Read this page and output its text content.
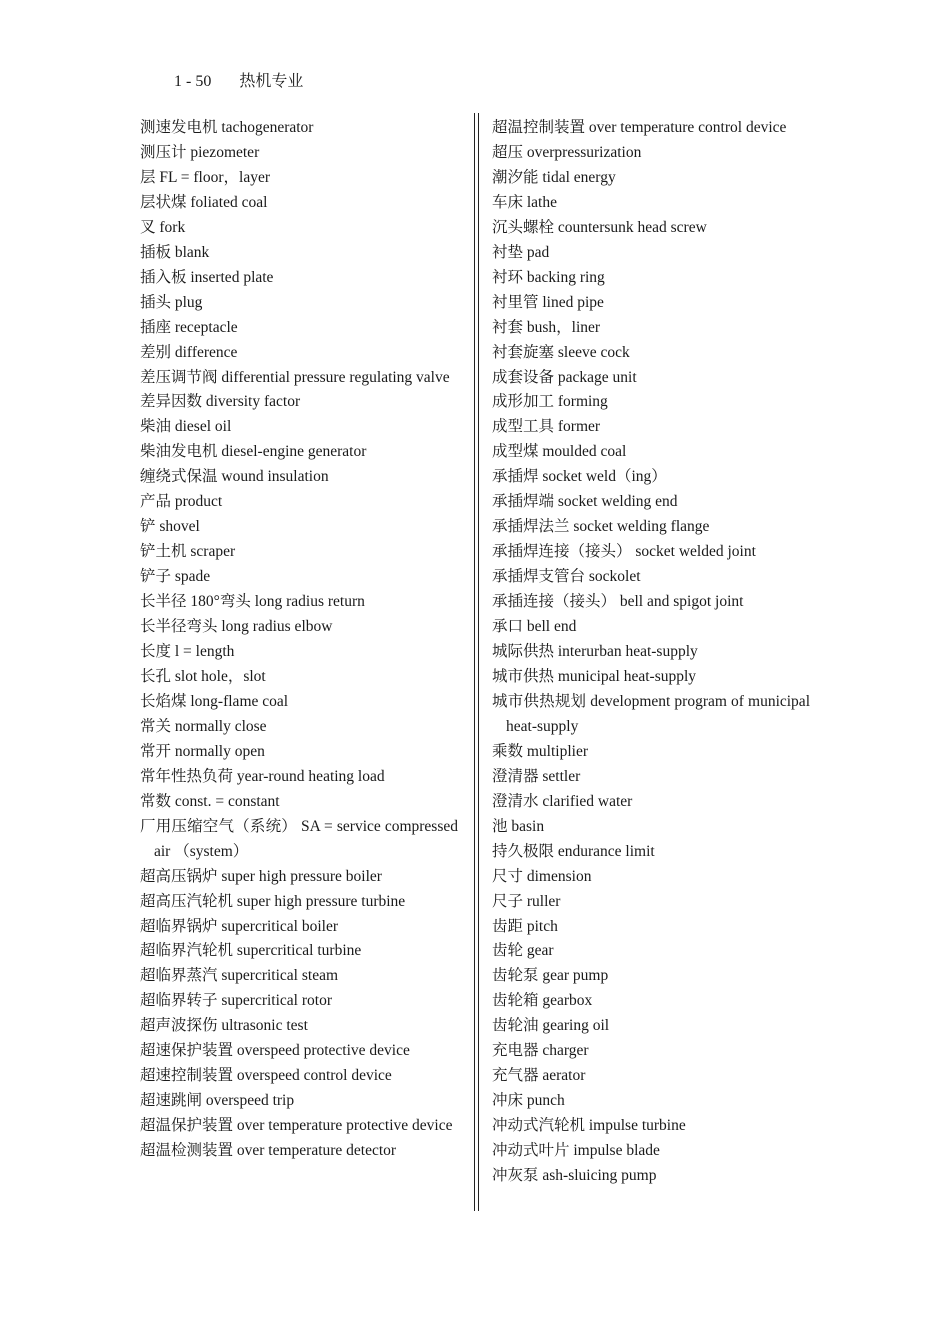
1 - 50 热机专业
测速发电机 tachogenerator
测压计 piezometer
层 FL = floor，layer
层状煤 foliated coal
叉 fork
插板 blank
插入板 inserted plate
插头 plug
插座 receptacle
差别 difference
差压调节阀 differential pressure regulating valve
差异因数 diversity factor
柴油 diesel oil
柴油发电机 diesel-engine generator
缠绕式保温 wound insulation
产品 product
铲 shovel
铲土机 scraper
铲子 spade
长半径 180°弯头 long radius return
长半径弯头 long radius elbow
长度 l = length
长孔 slot hole，slot
长焰煤 long-flame coal
常关 normally close
常开 normally open
常年性热负荷 year-round heating load
常数 const. = constant
厂用压缩空气（系统） SA = service compressed air （system）
超高压锅炉 super high pressure boiler
超高压汽轮机 super high pressure turbine
超临界锅炉 supercritical boiler
超临界汽轮机 supercritical turbine
超临界蒸汽 supercritical steam
超临界转子 supercritical rotor
超声波探伤 ultrasonic test
超速保护装置 overspeed protective device
超速控制装置 overspeed control device
超速跳闸 overspeed trip
超温保护装置 over temperature protective device
超温检测装置 over temperature detector
超温控制装置 over temperature control device
超压 overpressurization
潮汐能 tidal energy
车床 lathe
沉头螺栓 countersunk head screw
衬垫 pad
衬环 backing ring
衬里管 lined pipe
衬套 bush，liner
衬套旋塞 sleeve cock
成套设备 package unit
成形加工 forming
成型工具 former
成型煤 moulded coal
承插焊 socket weld（ing）
承插焊端 socket welding end
承插焊法兰 socket welding flange
承插焊连接（接头） socket welded joint
承插焊支管台 sockolet
承插连接（接头） bell and spigot joint
承口 bell end
城际供热 interurban heat-supply
城市供热 municipal heat-supply
城市供热规划 development program of municipal heat-supply
乘数 multiplier
澄清器 settler
澄清水 clarified water
池 basin
持久极限 endurance limit
尺寸 dimension
尺子 ruller
齿距 pitch
齿轮 gear
齿轮泵 gear pump
齿轮箱 gearbox
齿轮油 gearing oil
充电器 charger
充气器 aerator
冲床 punch
冲动式汽轮机 impulse turbine
冲动式叶片 impulse blade
冲灰泵 ash-sluicing pump
